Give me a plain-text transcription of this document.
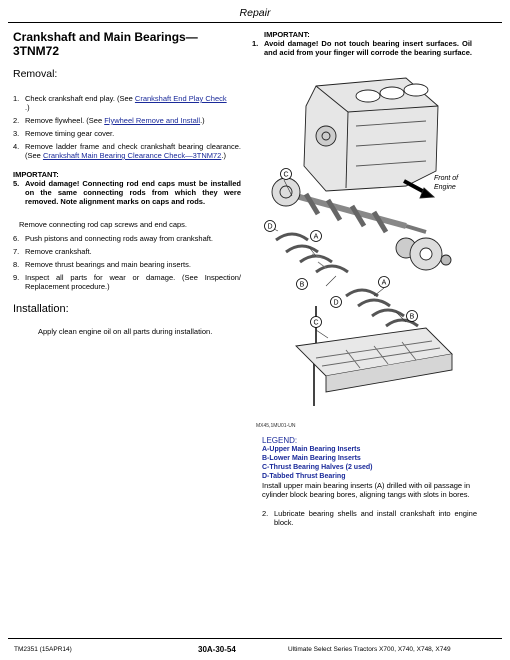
Repair
Crankshaft and Main Bearings—3TNM72
Removal:
1. Check crankshaft end play. (See Crankshaft End Play Check
.)
2. Remove flywheel. (See Flywheel Remove and Install.)
3. Remove timing gear cover.
4. Remove ladder frame and check crankshaft bearing clearance. (See Crankshaft Main Bearing Clearance Check—3TNM72.)
IMPORTANT:
5. Avoid damage! Connecting rod end caps must be installed on the same connecting rods from which they were removed. Note alignment marks on caps and rods.
Remove connecting rod cap screws and end caps.
6. Push pistons and connecting rods away from crankshaft.
7. Remove crankshaft.
8. Remove thrust bearings and main bearing inserts.
9. Inspect all parts for wear or damage. (See Inspection/ Replacement procedure.)
Installation:
Apply clean engine oil on all parts during installation.
IMPORTANT:
1. Avoid damage! Do not touch bearing insert surfaces. Oil and acid from your finger will corrode the bearing surface.
C
D
A
B	A
B
C
D
Front of
Engine
MX45,1MU01-UN
LEGEND:
A-Upper Main Bearing Inserts
B-Lower Main Bearing Inserts
C-Thrust Bearing Halves (2 used)
D-Tabbed Thrust Bearing
Install upper main bearing inserts (A) drilled with oil passage in cylinder block bearing bores, aligning tangs with slots in bores.
2. Lubricate bearing shells and install crankshaft into engine block.
TM2351 (15APR14)	30A-30-54	Ultimate Select Series Tractors X700, X740, X748, X749
